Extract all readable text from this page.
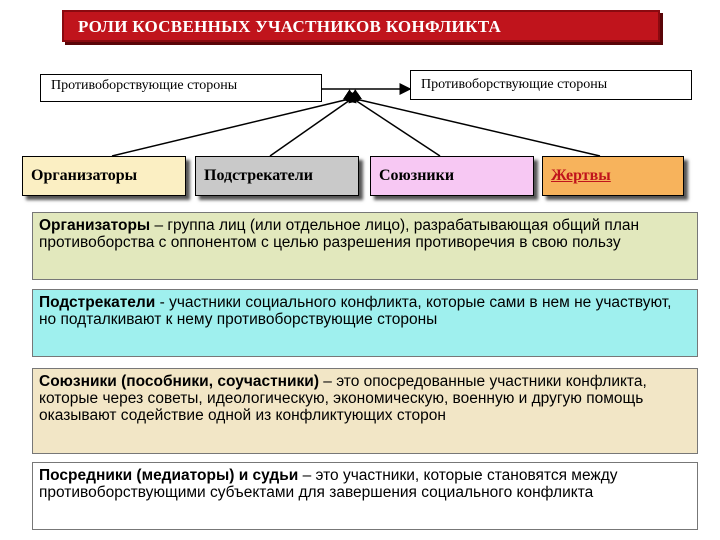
РОЛИ КОСВЕННЫХ УЧАСТНИКОВ КОНФЛИКТА
Противоборствующие стороны	Противоборствующие стороны
Организаторы	Подстрекатели	Союзники	Жертвы
Организаторы – группа лиц (или отдельное лицо), разрабатывающая общий план противоборства с оппонентом с целью разрешения противоречия в свою пользу
Подстрекатели - участники социального конфликта, которые сами в нем не участвуют, но подталкивают к нему противоборствующие стороны
Союзники (пособники, соучастники) – это опосредованные участники конфликта, которые через советы, идеологическую, экономическую, военную и другую помощь оказывают содействие одной из конфликтующих сторон
Посредники (медиаторы) и судьи – это участники, которые становятся между противоборствующими субъектами для завершения социального конфликта
